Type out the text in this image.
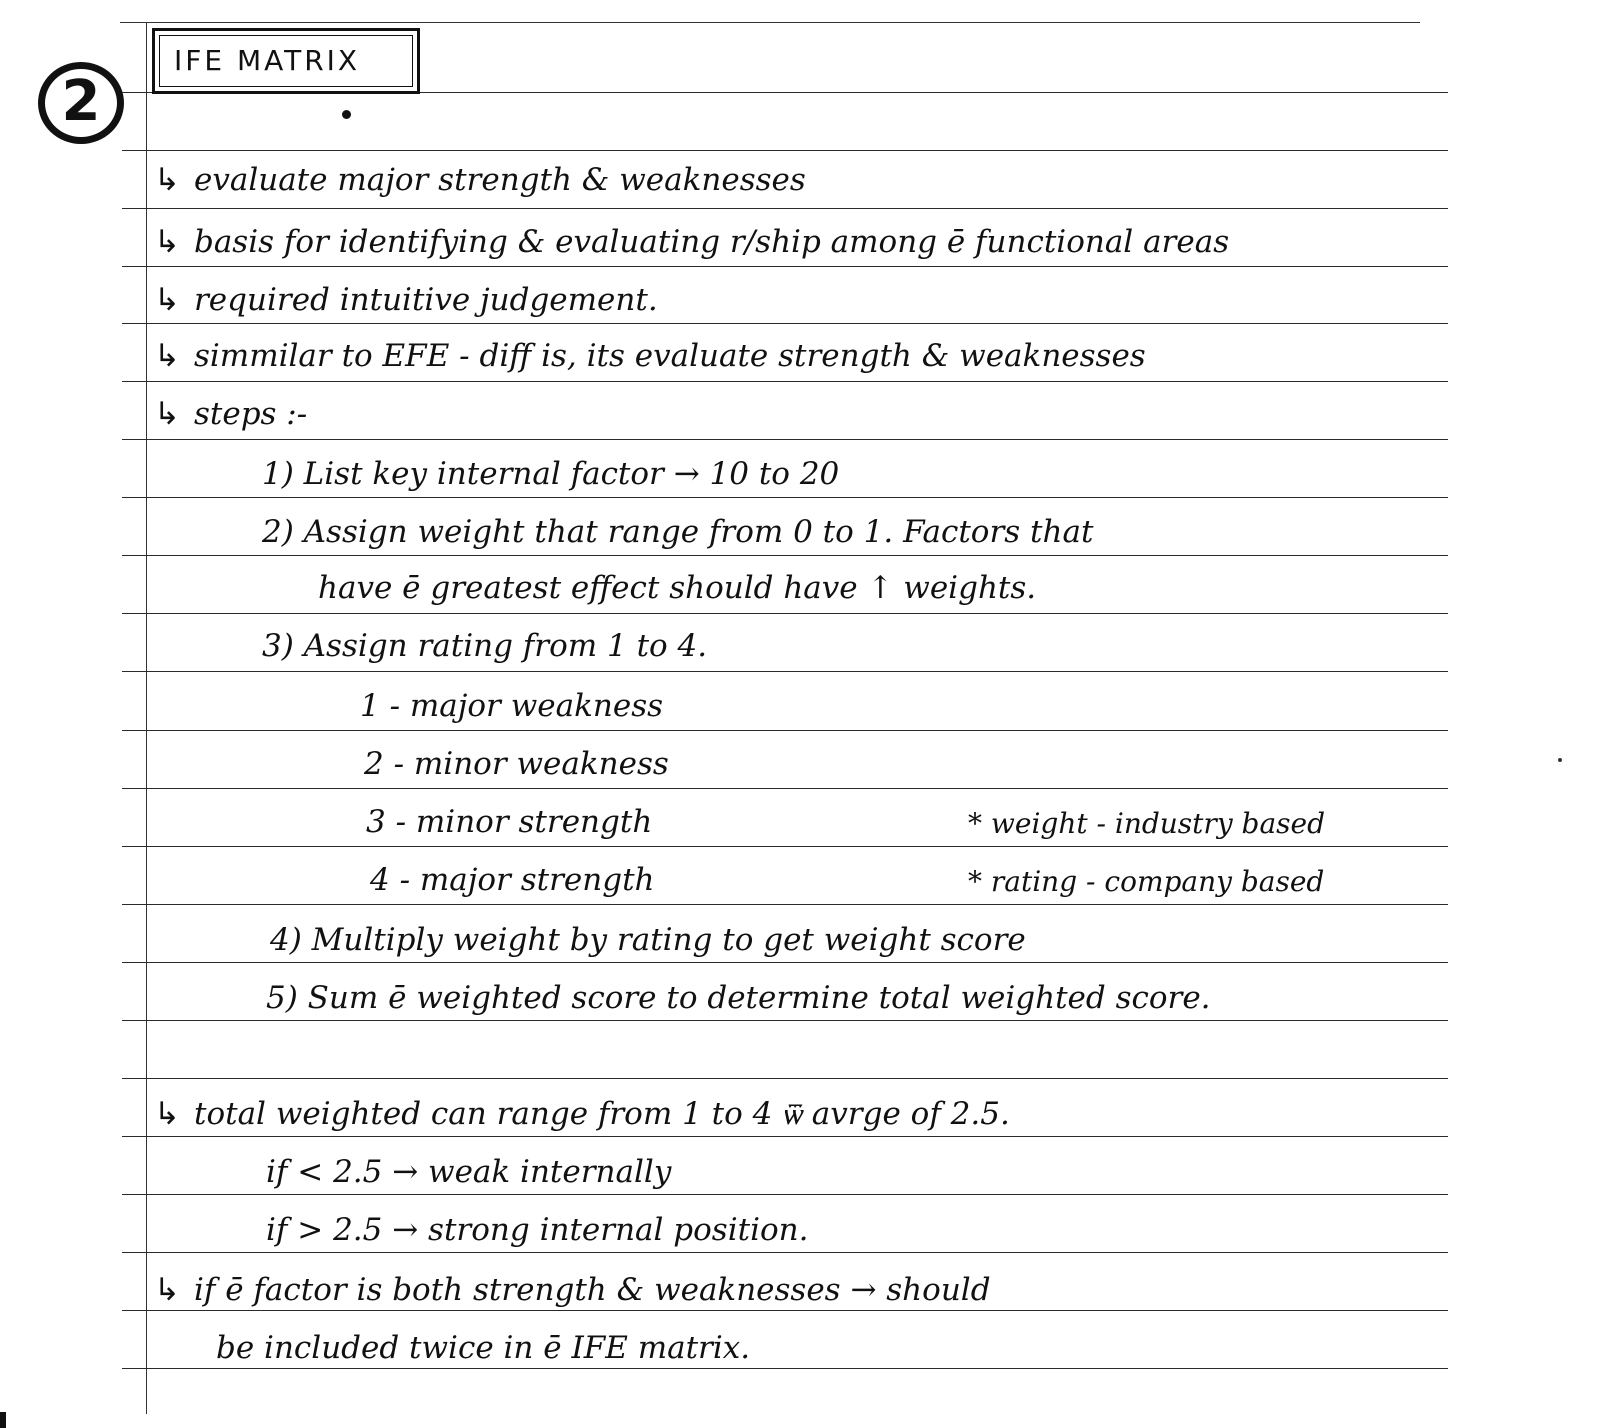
2
IFE MATRIX
↳ evaluate major strength & weaknesses
↳ basis for identifying & evaluating r/ship among ē functional areas
↳ required intuitive judgement.
↳ simmilar to EFE - diff is, its evaluate strength & weaknesses
↳ steps :-
1) List key internal factor → 10 to 20
2) Assign weight that range from 0 to 1. Factors that
have ē greatest effect should have ↑ weights.
3) Assign rating from 1 to 4.
1 - major weakness
2 - minor weakness
3 - minor strength
4 - major strength
* weight - industry based
* rating - company based
4) Multiply weight by rating to get weight score
5) Sum ē weighted score to determine total weighted score.
↳ total weighted can range from 1 to 4 ѿ avrge of 2.5.
if < 2.5 → weak internally
if > 2.5 → strong internal position.
↳ if ē factor is both strength & weaknesses → should
be included twice in ē IFE matrix.
